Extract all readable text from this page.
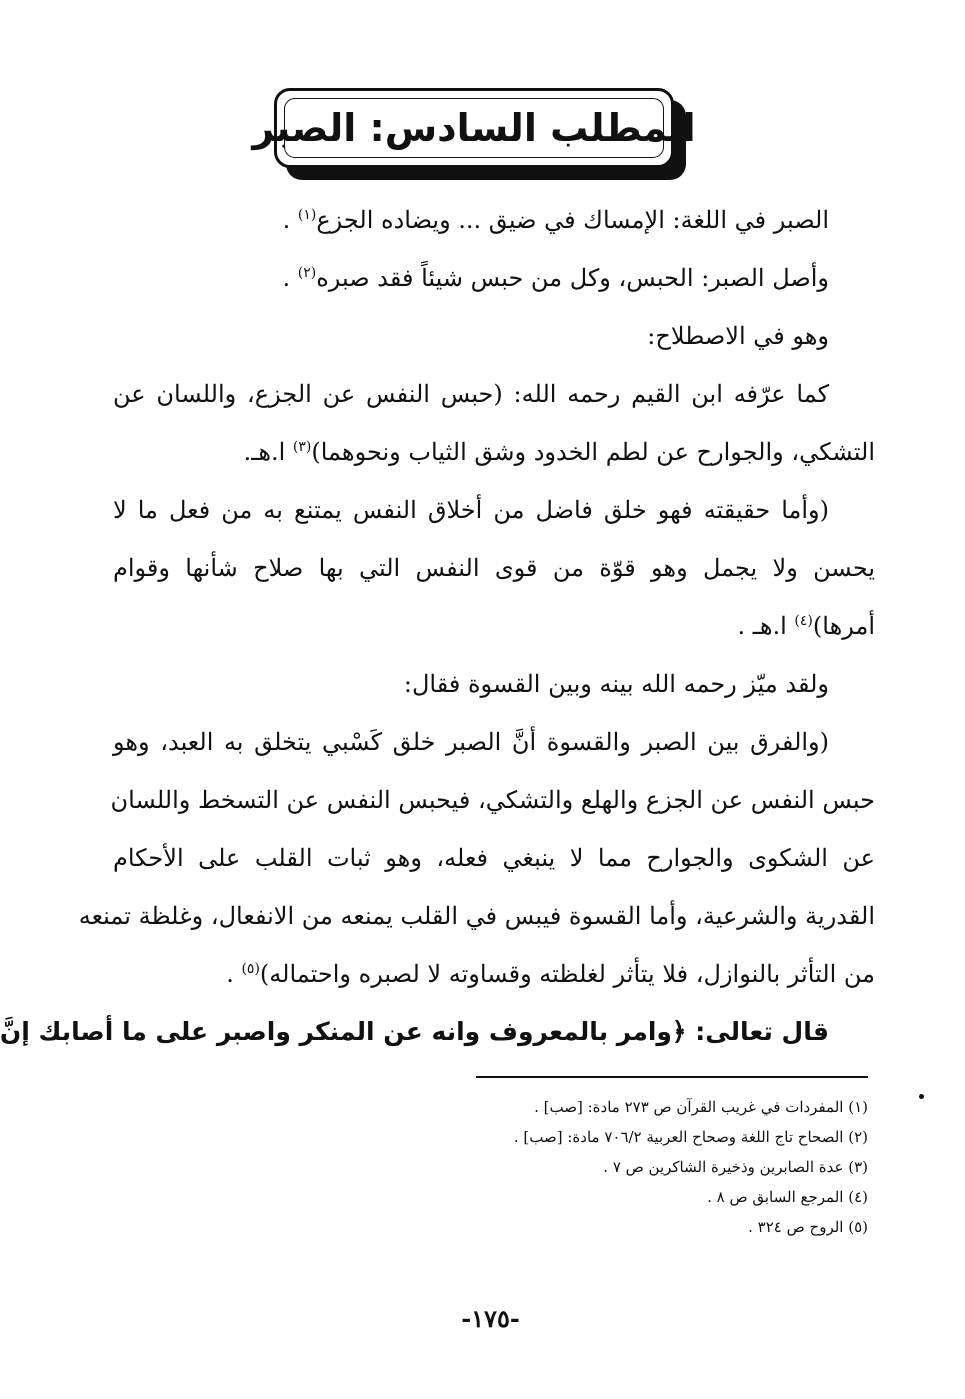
المطلب السادس: الصبر
الصبر في اللغة: الإمساك في ضيق ... ويضاده الجزع$^{(١)}$ .
وأصل الصبر: الحبس، وكل من حبس شيئاً فقد صبره$^{(٢)}$ .
وهو في الاصطلاح:
كما عرّفه ابن القيم رحمه الله: (حبس النفس عن الجزع، واللسان عن
التشكي، والجوارح عن لطم الخدود وشق الثياب ونحوهما)$^{(٣)}$ ا.هـ.
(وأما حقيقته فهو خلق فاضل من أخلاق النفس يمتنع به من فعل ما لا
يحسن ولا يجمل وهو قوّة من قوى النفس التي بها صلاح شأنها وقوام
أمرها)$^{(٤)}$ ا.هـ .
ولقد ميّز رحمه الله بينه وبين القسوة فقال:
(والفرق بين الصبر والقسوة أنَّ الصبر خلق كَسْبي يتخلق به العبد، وهو
حبس النفس عن الجزع والهلع والتشكي، فيحبس النفس عن التسخط واللسان
عن الشكوى والجوارح مما لا ينبغي فعله، وهو ثبات القلب على الأحكام
القدرية والشرعية، وأما القسوة فيبس في القلب يمنعه من الانفعال، وغلظة تمنعه
من التأثر بالنوازل، فلا يتأثر لغلظته وقساوته لا لصبره واحتماله)$^{(٥)}$ .
قال تعالى: ﴿وامر بالمعروف وانه عن المنكر واصبر على ما أصابك إنَّ
(١) المفردات في غريب القرآن ص ٢٧٣ مادة: [صب] .
(٢) الصحاح تاج اللغة وصحاح العربية ٧٠٦/٢ مادة: [صب] .
(٣) عدة الصابرين وذخيرة الشاكرين ص ٧ .
(٤) المرجع السابق ص ٨ .
(٥) الروح ص ٣٢٤ .
-١٧٥-
